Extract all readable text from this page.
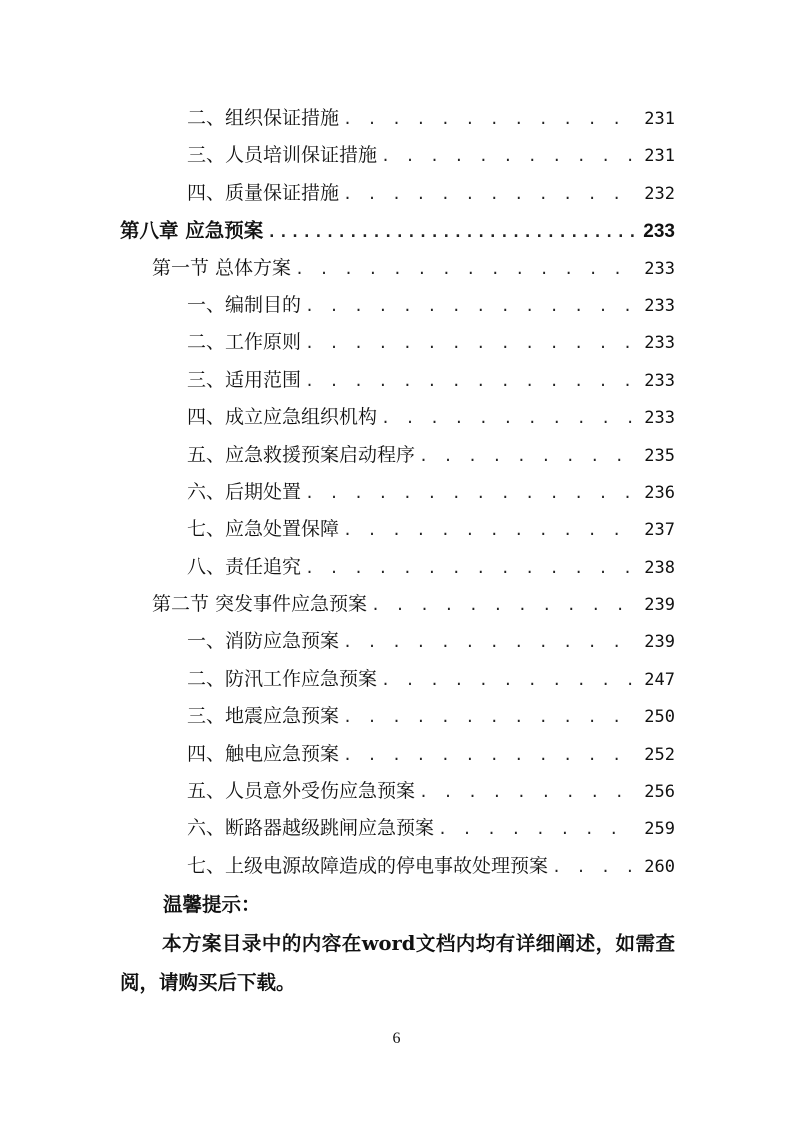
二、组织保证措施 . . .	231
三、人员培训保证措施 . . .	231
四、质量保证措施 . . .	232
第八章 应急预案 .....	233
第一节 总体方案 . . .	233
一、编制目的 . . .	233
二、工作原则 . . .	233
三、适用范围 . . .	233
四、成立应急组织机构 . . .	233
五、应急救援预案启动程序 . . .	235
六、后期处置 . . .	236
七、应急处置保障 . . .	237
八、责任追究 . . .	238
第二节 突发事件应急预案 . . .	239
一、消防应急预案 . . .	239
二、防汛工作应急预案 . . .	247
三、地震应急预案 . . .	250
四、触电应急预案 . . .	252
五、人员意外受伤应急预案 . . .	256
六、断路器越级跳闸应急预案 . . .	259
七、上级电源故障造成的停电事故处理预案 . . .	260
温馨提示：
本方案目录中的内容在word文档内均有详细阐述，如需查阅，请购买后下载。
6
